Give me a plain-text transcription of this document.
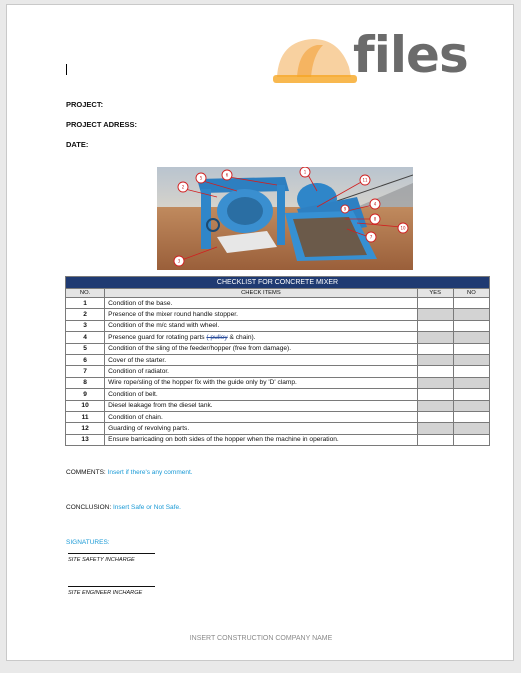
files
PROJECT:
PROJECT ADRESS:
DATE:
2
5
6
1
11
4
8
7
10
3
9
CHECKLIST FOR CONCRETE MIXER			
NO.	CHECK ITEMS	YES	NO
1	Condition of the base.		
2	Presence of the mixer round handle stopper.		
3	Condition of the m/c stand with wheel.		
4	Presence guard for rotating parts ( pulley & chain).		
5	Condition of the sling of the feeder/hopper (free from damage).		
6	Cover of the starter.		
7	Condition of radiator.		
8	Wire rope/sling of the hopper fix with the guide only by 'D' clamp.		
9	Condition of belt.		
10	Diesel leakage from the diesel tank.		
11	Condition of chain.		
12	Guarding of revolving parts.		
13	Ensure barricading on both sides of the hopper when the machine in operation.		
COMMENTS: Insert if there's any comment.
CONCLUSION: Insert Safe or Not Safe.
SIGNATURES:
SITE SAFETY INCHARGE
SITE ENGINEER INCHARGE
INSERT CONSTRUCTION COMPANY NAME
